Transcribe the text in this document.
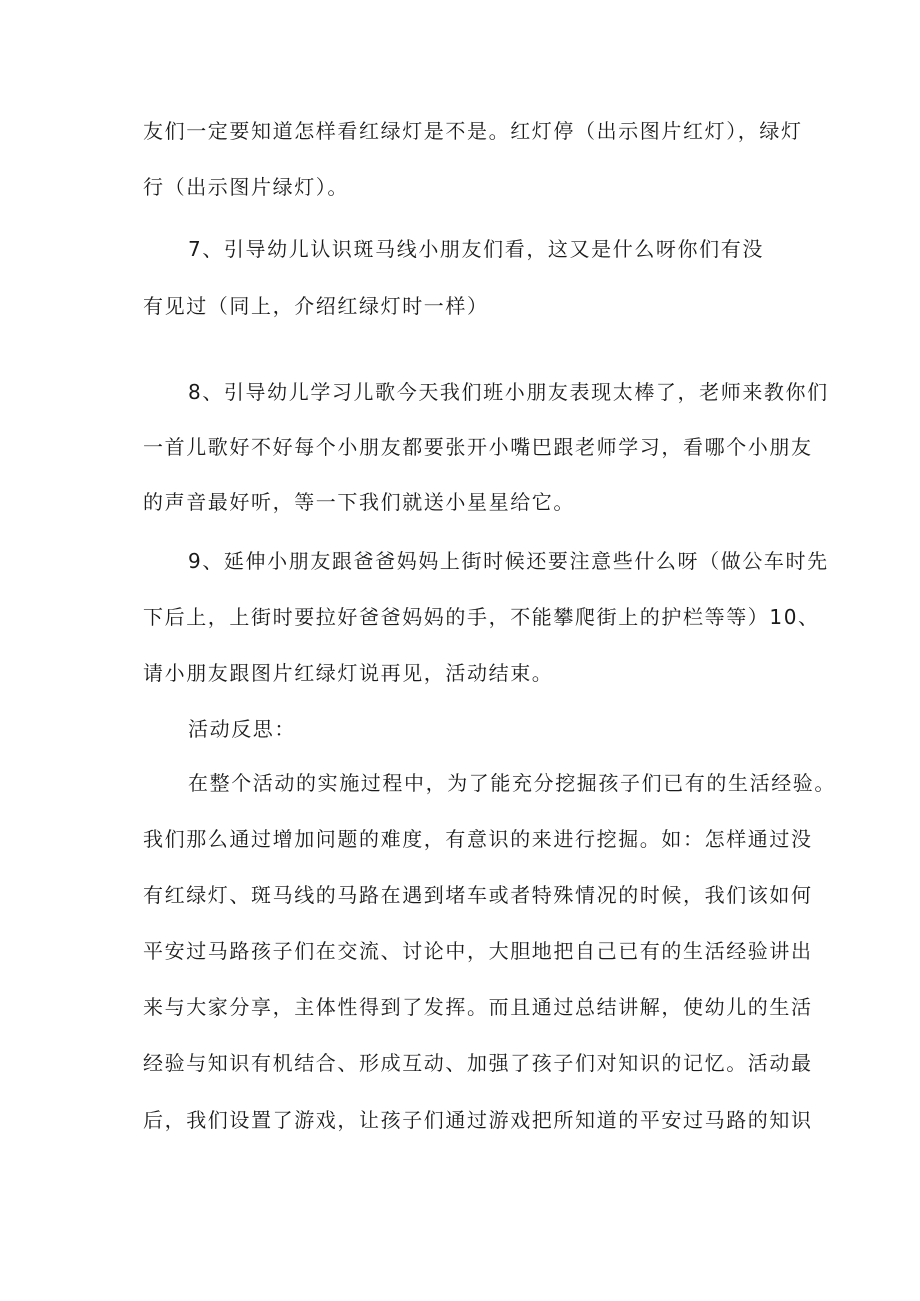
友们一定要知道怎样看红绿灯是不是。红灯停（出示图片红灯），绿灯
行（出示图片绿灯）。
7、引导幼儿认识斑马线小朋友们看，这又是什么呀你们有没
有见过（同上，介绍红绿灯时一样）
8、引导幼儿学习儿歌今天我们班小朋友表现太棒了，老师来教你们
一首儿歌好不好每个小朋友都要张开小嘴巴跟老师学习，看哪个小朋友
的声音最好听，等一下我们就送小星星给它。
9、延伸小朋友跟爸爸妈妈上街时候还要注意些什么呀（做公车时先
下后上，上街时要拉好爸爸妈妈的手，不能攀爬街上的护栏等等）10、
请小朋友跟图片红绿灯说再见，活动结束。
活动反思：
在整个活动的实施过程中，为了能充分挖掘孩子们已有的生活经验。
我们那么通过增加问题的难度，有意识的来进行挖掘。如：怎样通过没
有红绿灯、斑马线的马路在遇到堵车或者特殊情况的时候，我们该如何
平安过马路孩子们在交流、讨论中，大胆地把自己已有的生活经验讲出
来与大家分享，主体性得到了发挥。而且通过总结讲解，使幼儿的生活
经验与知识有机结合、形成互动、加强了孩子们对知识的记忆。活动最
后，我们设置了游戏，让孩子们通过游戏把所知道的平安过马路的知识
